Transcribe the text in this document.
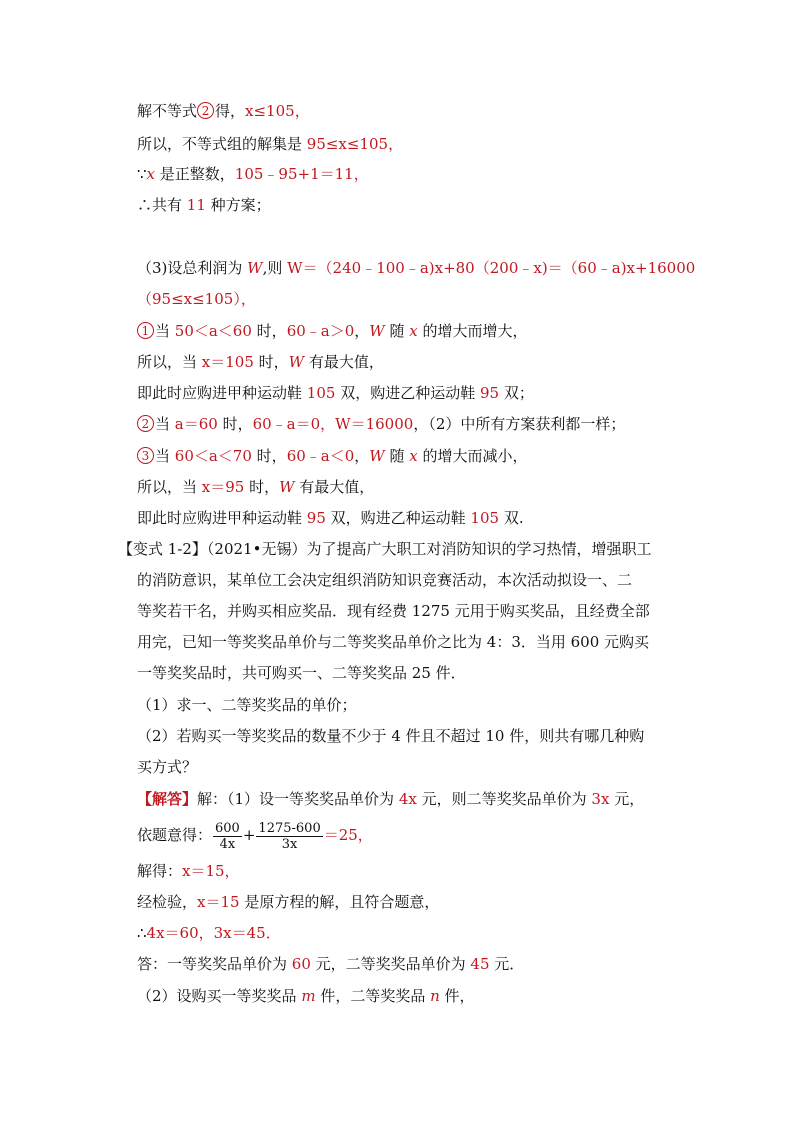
解不等式 2 得，x≤105，
所以，不等式组的解集是 95≤x≤105，
∵x 是正整数，105﹣95+1＝11，
∴共有 11 种方案；
（3)设总利润为 W,则 W＝（240﹣100﹣a)x+80（200﹣x)＝（60﹣a)x+16000
（95≤x≤105），
1 当 50＜a＜60 时，60﹣a＞0，W 随 x 的增大而增大，
所以，当 x＝105 时，W 有最大值，
即此时应购进甲种运动鞋 105 双，购进乙种运动鞋 95 双；
2 当 a＝60 时，60﹣a＝0，W＝16000，（2）中所有方案获利都一样；
3 当 60＜a＜70 时，60﹣a＜0，W 随 x 的增大而减小，
所以，当 x＝95 时，W 有最大值，
即此时应购进甲种运动鞋 95 双，购进乙种运动鞋 105 双.
【变式 1-2】（2021•无锡）为了提高广大职工对消防知识的学习热情，增强职工
的消防意识，某单位工会决定组织消防知识竞赛活动，本次活动拟设一、二
等奖若干名，并购买相应奖品．现有经费 1275 元用于购买奖品，且经费全部
用完，已知一等奖奖品单价与二等奖奖品单价之比为 4：3．当用 600 元购买
一等奖奖品时，共可购买一、二等奖奖品 25 件．
（1）求一、二等奖奖品的单价；
（2）若购买一等奖奖品的数量不少于 4 件且不超过 10 件，则共有哪几种购
买方式？
【解答】解：（1）设一等奖奖品单价为 4x 元，则二等奖奖品单价为 3x 元，
依题意得： $\frac{600}{4x} + \frac{1275-600}{3x} =25$，
解得：x＝15，
经检验，x＝15 是原方程的解，且符合题意，
∴4x＝60，3x＝45．
答：一等奖奖品单价为 60 元，二等奖奖品单价为 45 元．
（2）设购买一等奖奖品 m 件，二等奖奖品 n 件，
